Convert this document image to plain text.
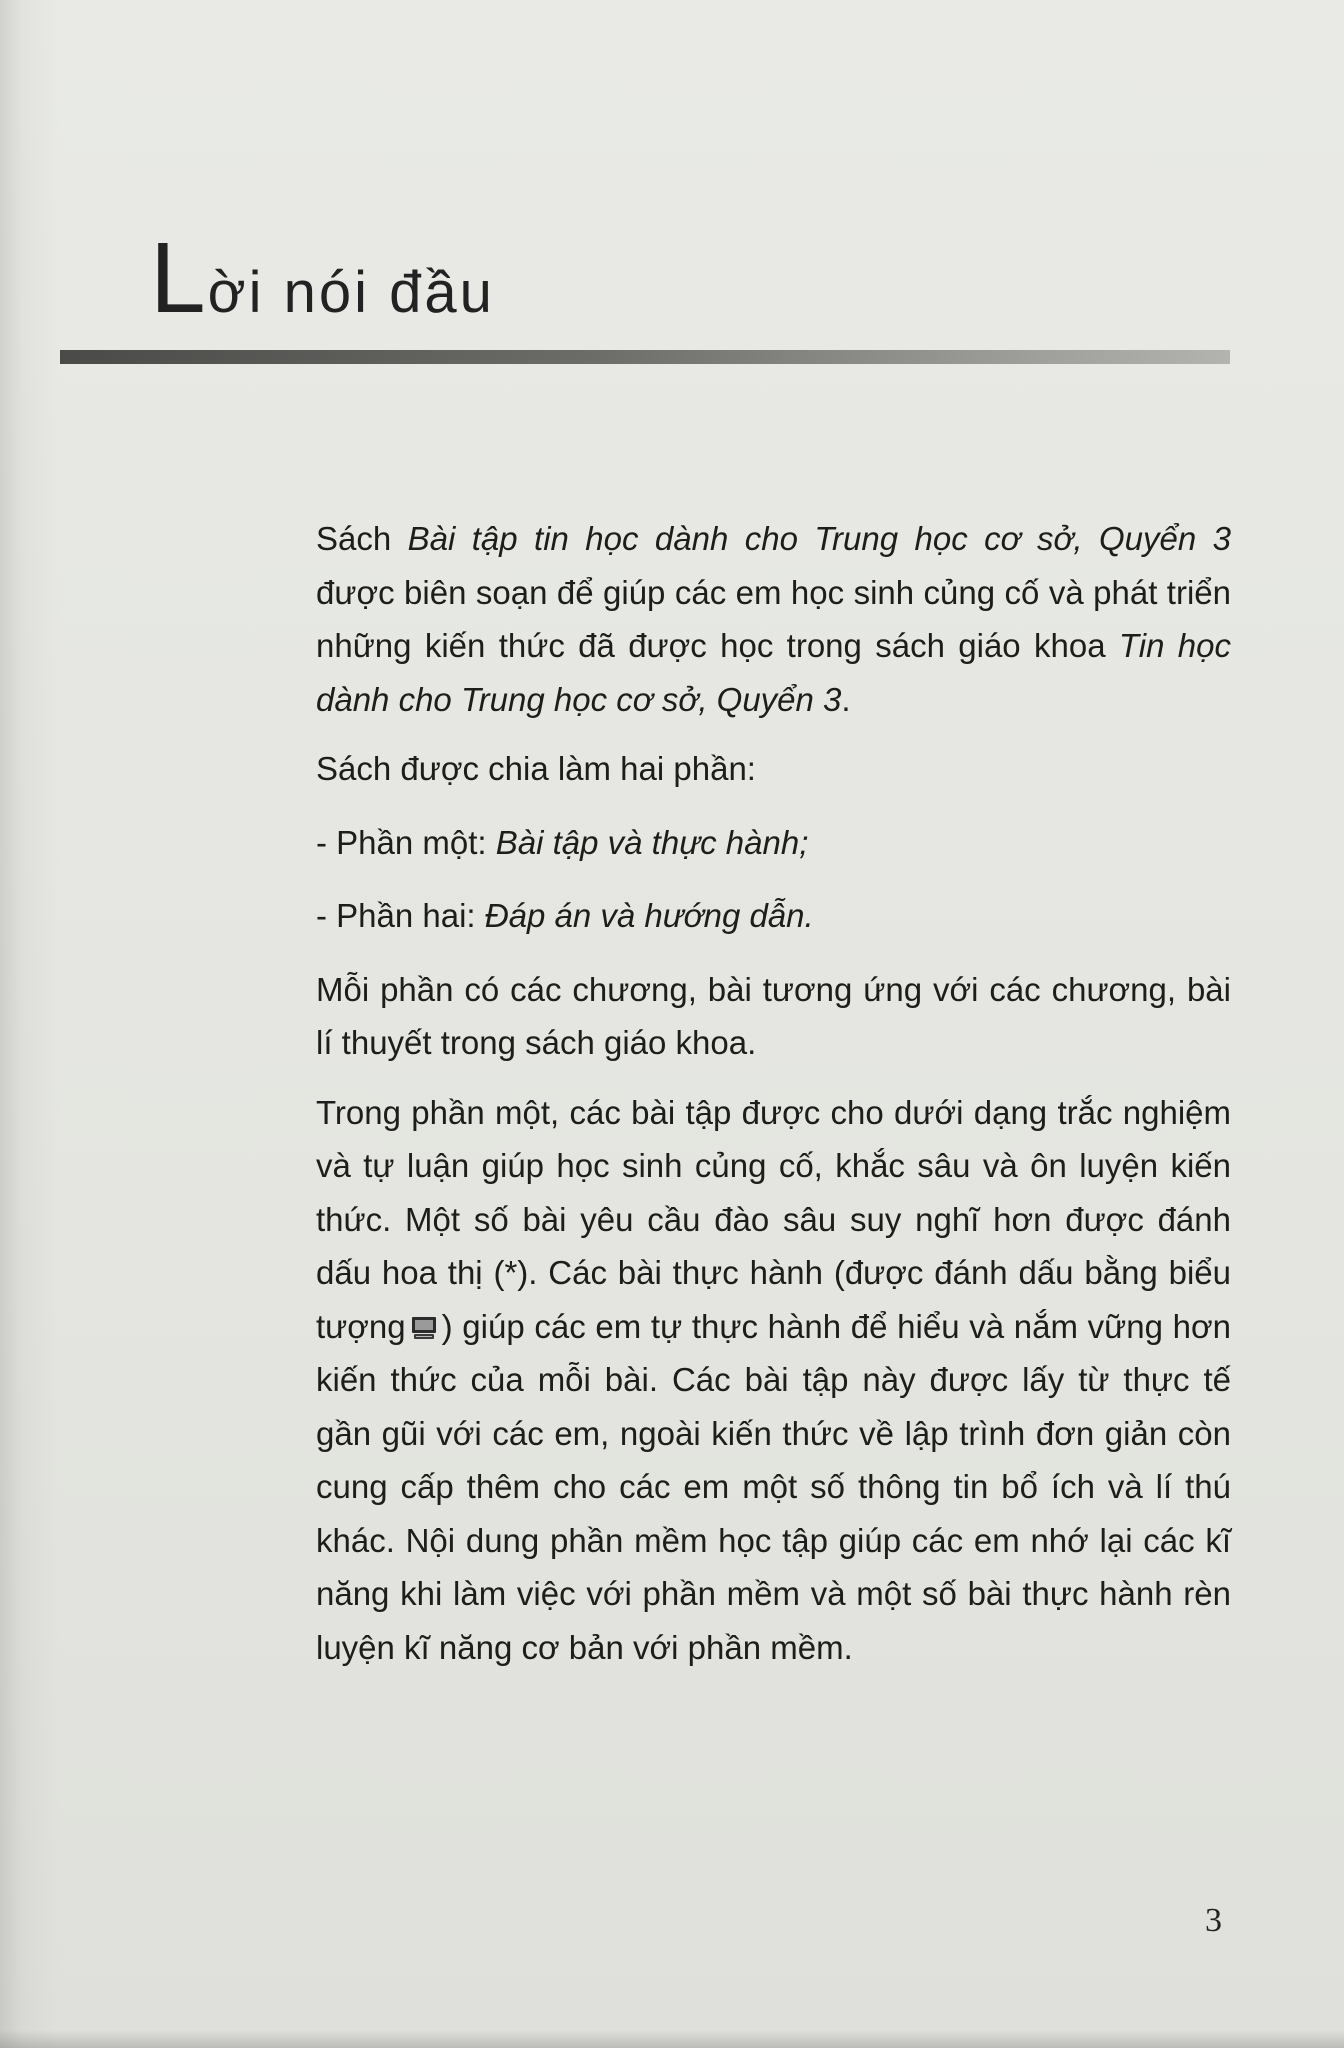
Lời nói đầu

Sách Bài tập tin học dành cho Trung học cơ sở, Quyển 3 được biên soạn để giúp các em học sinh củng cố và phát triển những kiến thức đã được học trong sách giáo khoa Tin học dành cho Trung học cơ sở, Quyển 3.

Sách được chia làm hai phần:

- Phần một: Bài tập và thực hành;

- Phần hai: Đáp án và hướng dẫn.

Mỗi phần có các chương, bài tương ứng với các chương, bài lí thuyết trong sách giáo khoa.

Trong phần một, các bài tập được cho dưới dạng trắc nghiệm và tự luận giúp học sinh củng cố, khắc sâu và ôn luyện kiến thức. Một số bài yêu cầu đào sâu suy nghĩ hơn được đánh dấu hoa thị (*). Các bài thực hành (được đánh dấu bằng biểu tượng ) giúp các em tự thực hành để hiểu và nắm vững hơn kiến thức của mỗi bài. Các bài tập này được lấy từ thực tế gần gũi với các em, ngoài kiến thức về lập trình đơn giản còn cung cấp thêm cho các em một số thông tin bổ ích và lí thú khác. Nội dung phần mềm học tập giúp các em nhớ lại các kĩ năng khi làm việc với phần mềm và một số bài thực hành rèn luyện kĩ năng cơ bản với phần mềm.

3
